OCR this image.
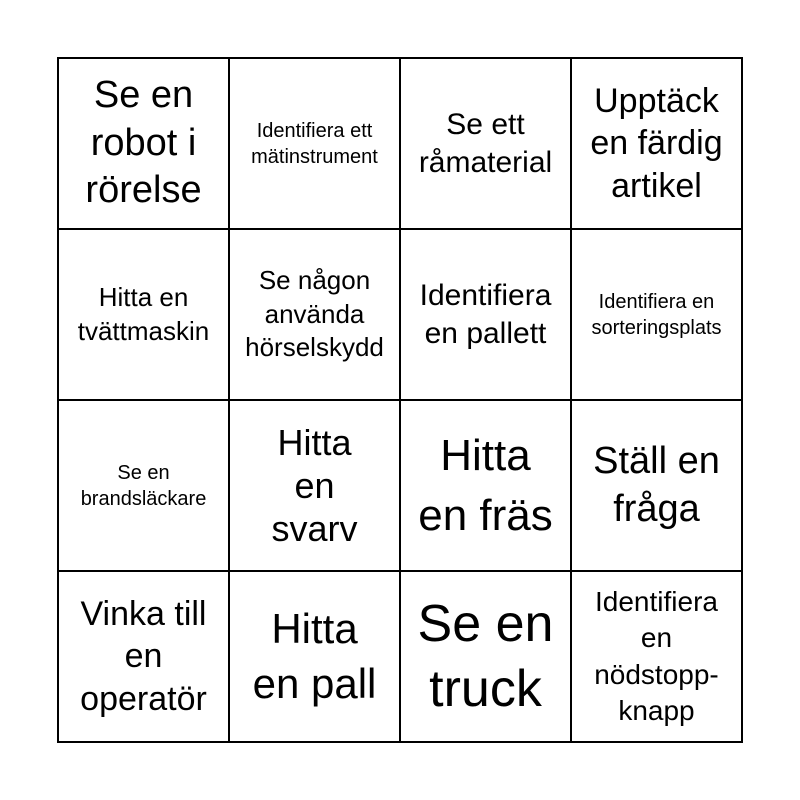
Se en
robot i
rörelse
Identifiera ett
mätinstrument
Se ett
råmaterial
Upptäck
en färdig
artikel
Hitta en
tvättmaskin
Se någon
använda
hörselskydd
Identifiera
en pallett
Identifiera en
sorteringsplats
Se en
brandsläckare
Hitta
en
svarv
Hitta
en fräs
Ställ en
fråga
Vinka till
en
operatör
Hitta
en pall
Se en
truck
Identifiera
en
nödstopp-
knapp
